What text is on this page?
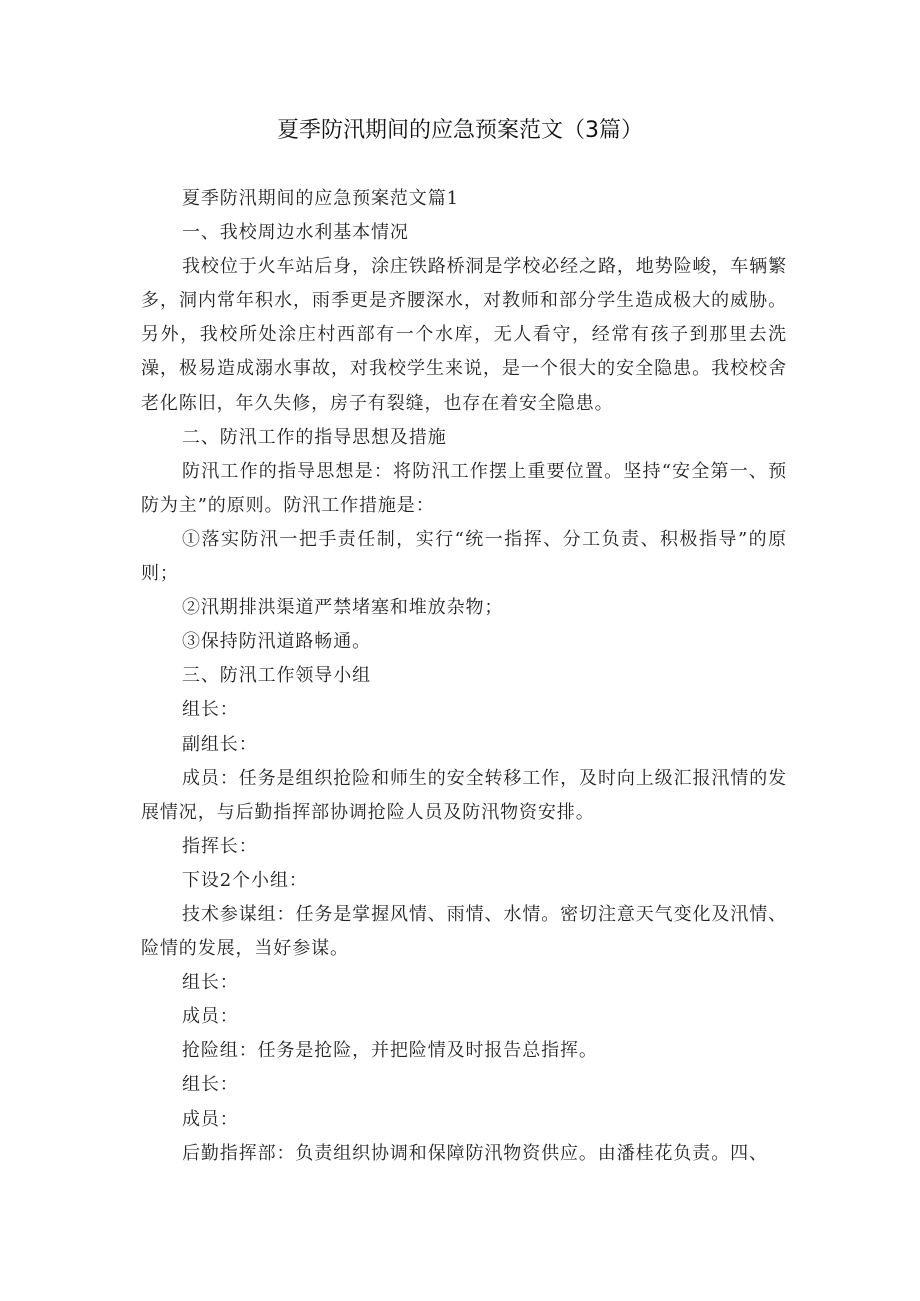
夏季防汛期间的应急预案范文（3篇）

夏季防汛期间的应急预案范文篇1

一、我校周边水利基本情况

我校位于火车站后身，涂庄铁路桥洞是学校必经之路，地势险峻，车辆繁多，洞内常年积水，雨季更是齐腰深水，对教师和部分学生造成极大的威胁。另外，我校所处涂庄村西部有一个水库，无人看守，经常有孩子到那里去洗澡，极易造成溺水事故，对我校学生来说，是一个很大的安全隐患。我校校舍老化陈旧，年久失修，房子有裂缝，也存在着安全隐患。

二、防汛工作的指导思想及措施

防汛工作的指导思想是：将防汛工作摆上重要位置。坚持“安全第一、预防为主”的原则。防汛工作措施是：

①落实防汛一把手责任制，实行“统一指挥、分工负责、积极指导”的原则；

②汛期排洪渠道严禁堵塞和堆放杂物；

③保持防汛道路畅通。

三、防汛工作领导小组

组长：

副组长：

成员：任务是组织抢险和师生的安全转移工作，及时向上级汇报汛情的发展情况，与后勤指挥部协调抢险人员及防汛物资安排。

指挥长：

下设2个小组：

技术参谋组：任务是掌握风情、雨情、水情。密切注意天气变化及汛情、险情的发展，当好参谋。

组长：

成员：

抢险组：任务是抢险，并把险情及时报告总指挥。

组长：

成员：

后勤指挥部：负责组织协调和保障防汛物资供应。由潘桂花负责。四、
